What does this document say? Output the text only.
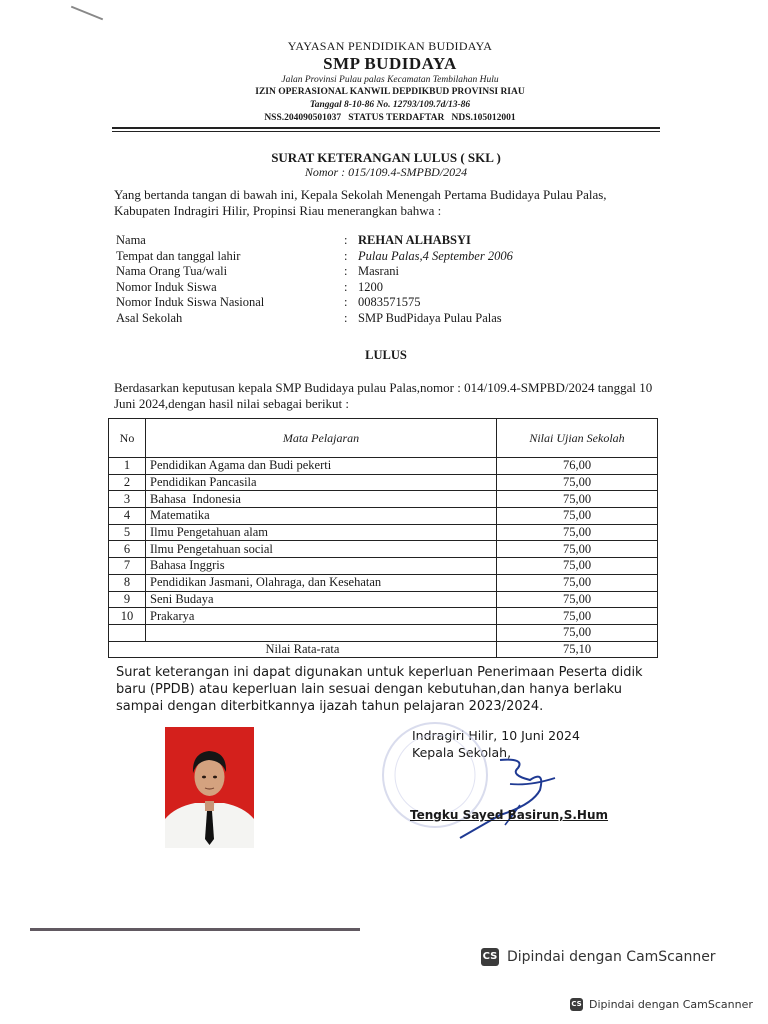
YAYASAN PENDIDIKAN BUDIDAYA
SMP BUDIDAYA
Jalan Provinsi Pulau palas Kecamatan Tembilahan Hulu
IZIN OPERASIONAL KANWIL DEPDIKBUD PROVINSI RIAU
Tanggal 8-10-86 No. 12793/109.7d/13-86
NSS.204090501037   STATUS TERDAFTAR   NDS.105012001
SURAT KETERANGAN LULUS ( SKL )
Nomor : 015/109.4-SMPBD/2024
Yang bertanda tangan di bawah ini, Kepala Sekolah Menengah Pertama Budidaya Pulau Palas, Kabupaten Indragiri Hilir, Propinsi Riau menerangkan bahwa :
Nama	:	REHAN ALHABSYI
Tempat dan tanggal lahir	:	Pulau Palas,4 September 2006
Nama Orang Tua/wali	:	Masrani
Nomor Induk Siswa	:	1200
Nomor Induk Siswa Nasional	:	0083571575
Asal Sekolah	:	SMP BudPidaya Pulau Palas
LULUS
Berdasarkan keputusan kepala SMP Budidaya pulau Palas,nomor : 014/109.4-SMPBD/2024 tanggal 10 Juni 2024,dengan hasil nilai sebagai berikut :
No	Mata Pelajaran	Nilai Ujian Sekolah
1	Pendidikan Agama dan Budi pekerti	76,00
2	Pendidikan Pancasila	75,00
3	Bahasa  Indonesia	75,00
4	Matematika	75,00
5	Ilmu Pengetahuan alam	75,00
6	Ilmu Pengetahuan social	75,00
7	Bahasa Inggris	75,00
8	Pendidikan Jasmani, Olahraga, dan Kesehatan	75,00
9	Seni Budaya	75,00
10	Prakarya	75,00
		75,00
Nilai Rata-rata		75,10
Surat keterangan ini dapat digunakan untuk keperluan Penerimaan Peserta didik baru (PPDB) atau keperluan lain sesuai dengan kebutuhan,dan hanya berlaku sampai dengan diterbitkannya ijazah tahun pelajaran 2023/2024.
Indragiri Hilir, 10 Juni 2024
Kepala Sekolah,
Tengku Sayed Basirun,S.Hum
CS Dipindai dengan CamScanner
CS Dipindai dengan CamScanner
